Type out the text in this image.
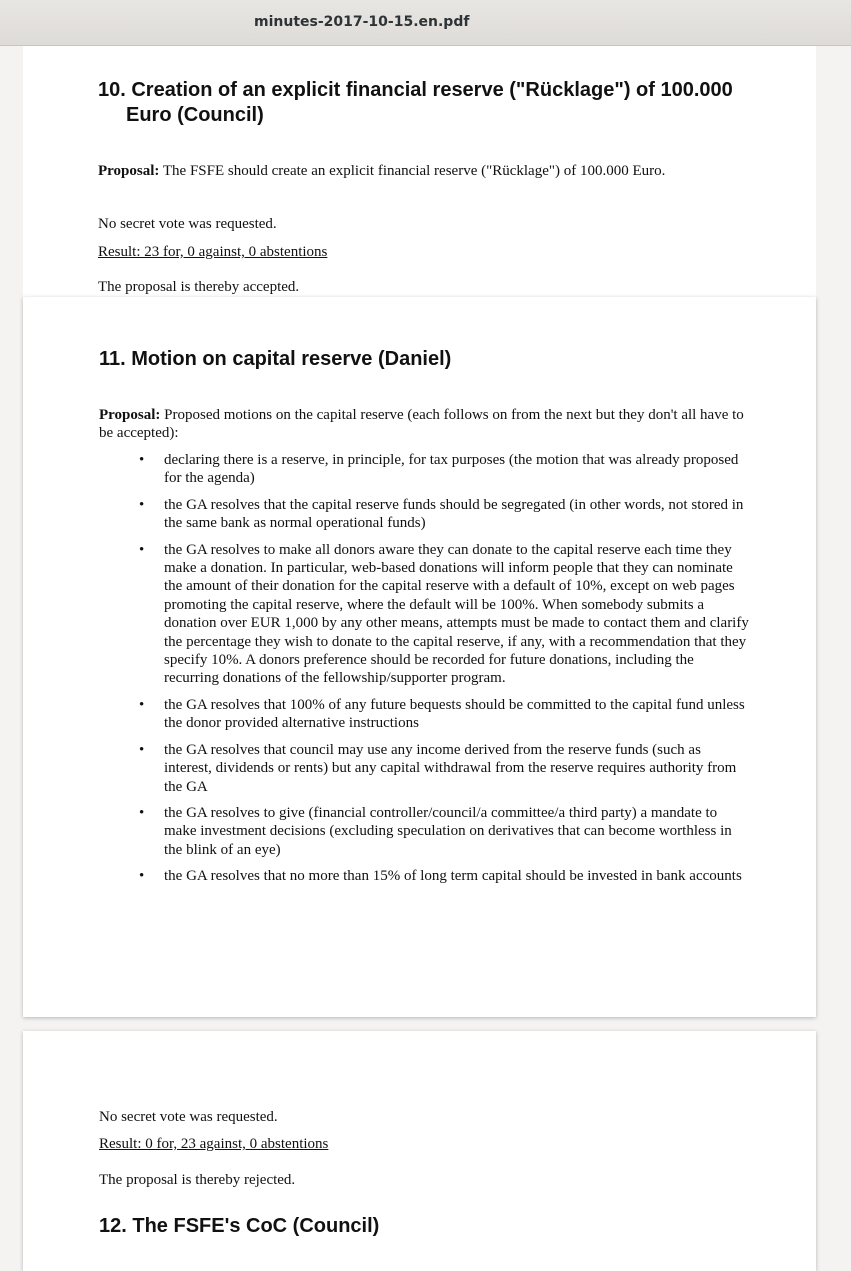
minutes-2017-10-15.en.pdf
10. Creation of an explicit financial reserve ("Rücklage") of 100.000 Euro (Council)

Proposal: The FSFE should create an explicit financial reserve ("Rücklage") of 100.000 Euro.

No secret vote was requested.

Result: 23 for, 0 against, 0 abstentions

The proposal is thereby accepted.

11. Motion on capital reserve (Daniel)

Proposal: Proposed motions on the capital reserve (each follows on from the next but they don't all have to be accepted):

• declaring there is a reserve, in principle, for tax purposes (the motion that was already proposed for the agenda)
• the GA resolves that the capital reserve funds should be segregated (in other words, not stored in the same bank as normal operational funds)
• the GA resolves to make all donors aware they can donate to the capital reserve each time they make a donation. In particular, web-based donations will inform people that they can nominate the amount of their donation for the capital reserve with a default of 10%, except on web pages promoting the capital reserve, where the default will be 100%. When somebody submits a donation over EUR 1,000 by any other means, attempts must be made to contact them and clarify the percentage they wish to donate to the capital reserve, if any, with a recommendation that they specify 10%. A donors preference should be recorded for future donations, including the recurring donations of the fellowship/supporter program.
• the GA resolves that 100% of any future bequests should be committed to the capital fund unless the donor provided alternative instructions
• the GA resolves that council may use any income derived from the reserve funds (such as interest, dividends or rents) but any capital withdrawal from the reserve requires authority from the GA
• the GA resolves to give (financial controller/council/a committee/a third party) a mandate to make investment decisions (excluding speculation on derivatives that can become worthless in the blink of an eye)
• the GA resolves that no more than 15% of long term capital should be invested in bank accounts

No secret vote was requested.

Result: 0 for, 23 against, 0 abstentions

The proposal is thereby rejected.

12. The FSFE's CoC (Council)
